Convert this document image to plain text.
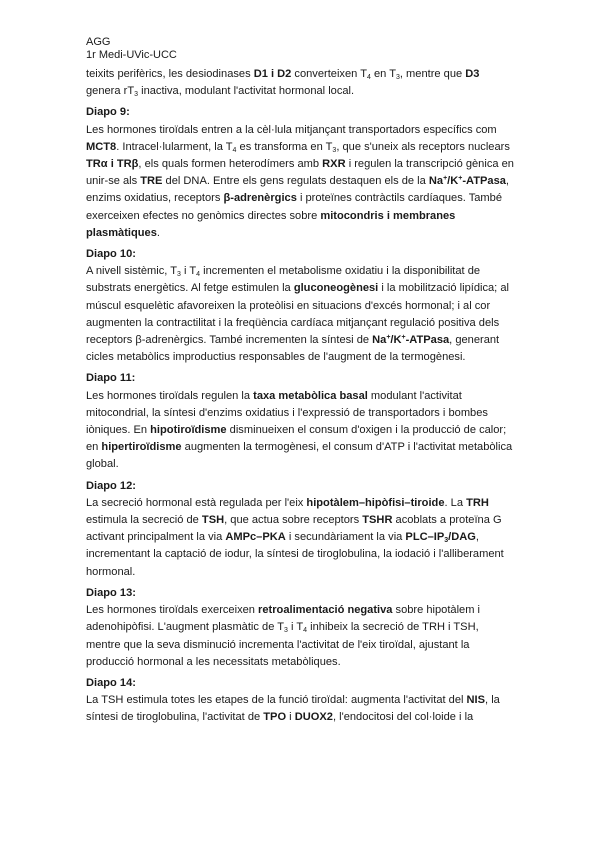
AGG
1r Medi-UVic-UCC

teixits perifèrics, les desiodinases D1 i D2 converteixen $T_4$ en $T_3$, mentre que D3 genera $rT_3$ inactiva, modulant l'activitat hormonal local.

Diapo 9:

Les hormones tiroïdals entren a la cèl·lula mitjançant transportadors específics com MCT8. Intracel·lularment, la $T_4$ es transforma en $T_3$, que s'uneix als receptors nuclears TRα i TRβ, els quals formen heterodímers amb RXR i regulen la transcripció gènica en unir-se als TRE del DNA. Entre els gens regulats destaquen els de la Na+/K+-ATPasa, enzims oxidatius, receptors β-adrenèrgics i proteïnes contràctils cardíaques. També exerceixen efectes no genòmics directes sobre mitocondris i membranes plasmàtiques.

Diapo 10:

A nivell sistèmic, $T_3$ i $T_4$ incrementen el metabolisme oxidatiu i la disponibilitat de substrats energètics. Al fetge estimulen la gluconeogènesi i la mobilització lipídica; al múscul esquelètic afavoreixen la proteòlisi en situacions d'excés hormonal; i al cor augmenten la contractilitat i la freqüència cardíaca mitjançant regulació positiva dels receptors β-adrenèrgics. També incrementen la síntesi de Na+/K+-ATPasa, generant cicles metabòlics improductius responsables de l'augment de la termogènesi.

Diapo 11:

Les hormones tiroïdals regulen la taxa metabòlica basal modulant l'activitat mitocondrial, la síntesi d'enzims oxidatius i l'expressió de transportadors i bombes iòniques. En hipotiroïdisme disminueixen el consum d'oxigen i la producció de calor; en hipertiroïdisme augmenten la termogènesi, el consum d'ATP i l'activitat metabòlica global.

Diapo 12:

La secreció hormonal està regulada per l'eix hipotàlem–hipòfisi–tiroide. La TRH estimula la secreció de TSH, que actua sobre receptors TSHR acoblats a proteïna G activant principalment la via AMPc–PKA i secundàriament la via PLC–$IP_3$/DAG, incrementant la captació de iodur, la síntesi de tiroglobulina, la iodació i l'alliberament hormonal.

Diapo 13:

Les hormones tiroïdals exerceixen retroalimentació negativa sobre hipotàlem i adenohipòfisi. L'augment plasmàtic de $T_3$ i $T_4$ inhibeix la secreció de TRH i TSH, mentre que la seva disminució incrementa l'activitat de l'eix tiroïdal, ajustant la producció hormonal a les necessitats metabòliques.

Diapo 14:

La TSH estimula totes les etapes de la funció tiroïdal: augmenta l'activitat del NIS, la síntesi de tiroglobulina, l'activitat de TPO i DUOX2, l'endocitosi del col·loide i la
